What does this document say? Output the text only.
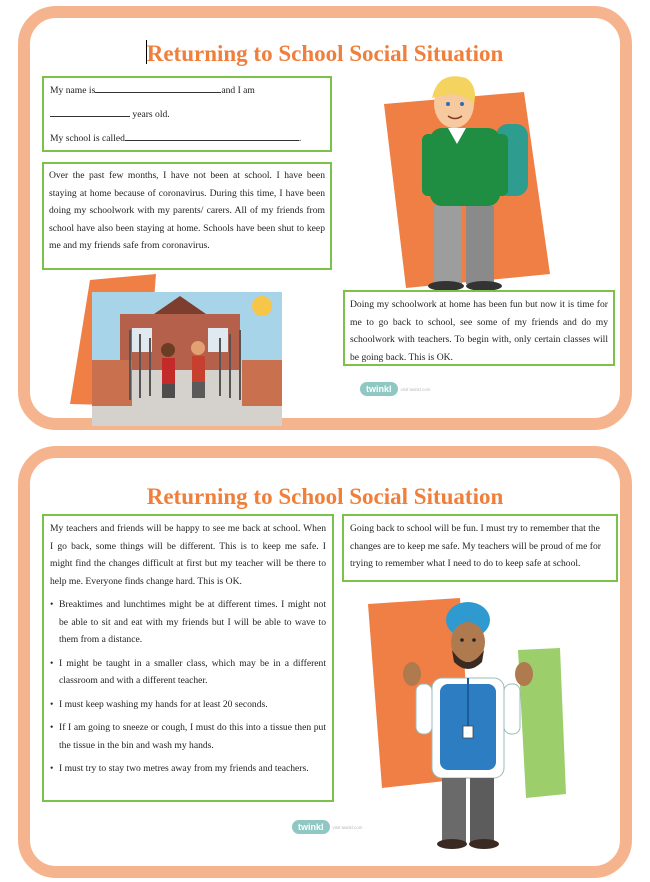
Returning to School Social Situation
My name is	and I am
years old.
My school is called	.
Over the past few months, I have not been at school. I have been staying at home because of coronavirus. During this time, I have been doing my schoolwork with my parents/ carers. All of my friends from school have also been staying at home. Schools have been shut to keep me and my friends safe from coronavirus.
Doing my schoolwork at home has been fun but now it is time for me to go back to school, see some of my friends and do my schoolwork with teachers. To begin with, only certain classes will be going back. This is OK.
twinkl	visit twinkl.com
Returning to School Social Situation
My teachers and friends will be happy to see me back at school. When I go back, some things will be different. This is to keep me safe. I might find the changes difficult at first but my teacher will be there to help me. Everyone finds change hard. This is OK.
• Breaktimes and lunchtimes might be at different times. I might not be able to sit and eat with my friends but I will be able to wave to them from a distance.
• I might be taught in a smaller class, which may be in a different classroom and with a different teacher.
• I must keep washing my hands for at least 20 seconds.
• If I am going to sneeze or cough, I must do this into a tissue then put the tissue in the bin and wash my hands.
• I must try to stay two metres away from my friends and teachers.
Going back to school will be fun. I must try to remember that the changes are to keep me safe. My teachers will be proud of me for trying to remember what I need to do to keep safe at school.
twinkl	visit twinkl.com
